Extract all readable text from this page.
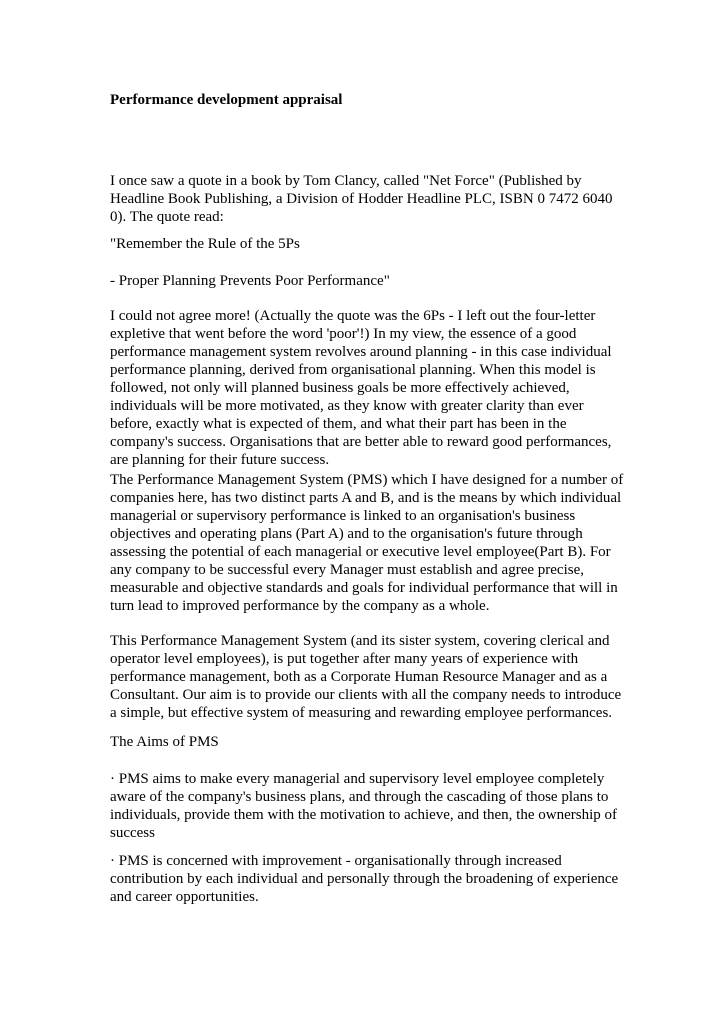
Performance development appraisal

I once saw a quote in a book by Tom Clancy, called "Net Force" (Published by
Headline Book Publishing, a Division of Hodder Headline PLC, ISBN 0 7472 6040
0). The quote read:

"Remember the Rule of the 5Ps

- Proper Planning Prevents Poor Performance"

I could not agree more! (Actually the quote was the 6Ps - I left out the four-letter
expletive that went before the word 'poor'!) In my view, the essence of a good
performance management system revolves around planning - in this case individual
performance planning, derived from organisational planning. When this model is
followed, not only will planned business goals be more effectively achieved,
individuals will be more motivated, as they know with greater clarity than ever
before, exactly what is expected of them, and what their part has been in the
company's success. Organisations that are better able to reward good performances,
are planning for their future success.

The Performance Management System (PMS) which I have designed for a number of
companies here, has two distinct parts A and B, and is the means by which individual
managerial or supervisory performance is linked to an organisation's business
objectives and operating plans (Part A) and to the organisation's future through
assessing the potential of each managerial or executive level employee(Part B). For
any company to be successful every Manager must establish and agree precise,
measurable and objective standards and goals for individual performance that will in
turn lead to improved performance by the company as a whole.

This Performance Management System (and its sister system, covering clerical and
operator level employees), is put together after many years of experience with
performance management, both as a Corporate Human Resource Manager and as a
Consultant. Our aim is to provide our clients with all the company needs to introduce
a simple, but effective system of measuring and rewarding employee performances.

The Aims of PMS

· PMS aims to make every managerial and supervisory level employee completely
aware of the company's business plans, and through the cascading of those plans to
individuals, provide them with the motivation to achieve, and then, the ownership of
success

· PMS is concerned with improvement - organisationally through increased
contribution by each individual and personally through the broadening of experience
and career opportunities.
